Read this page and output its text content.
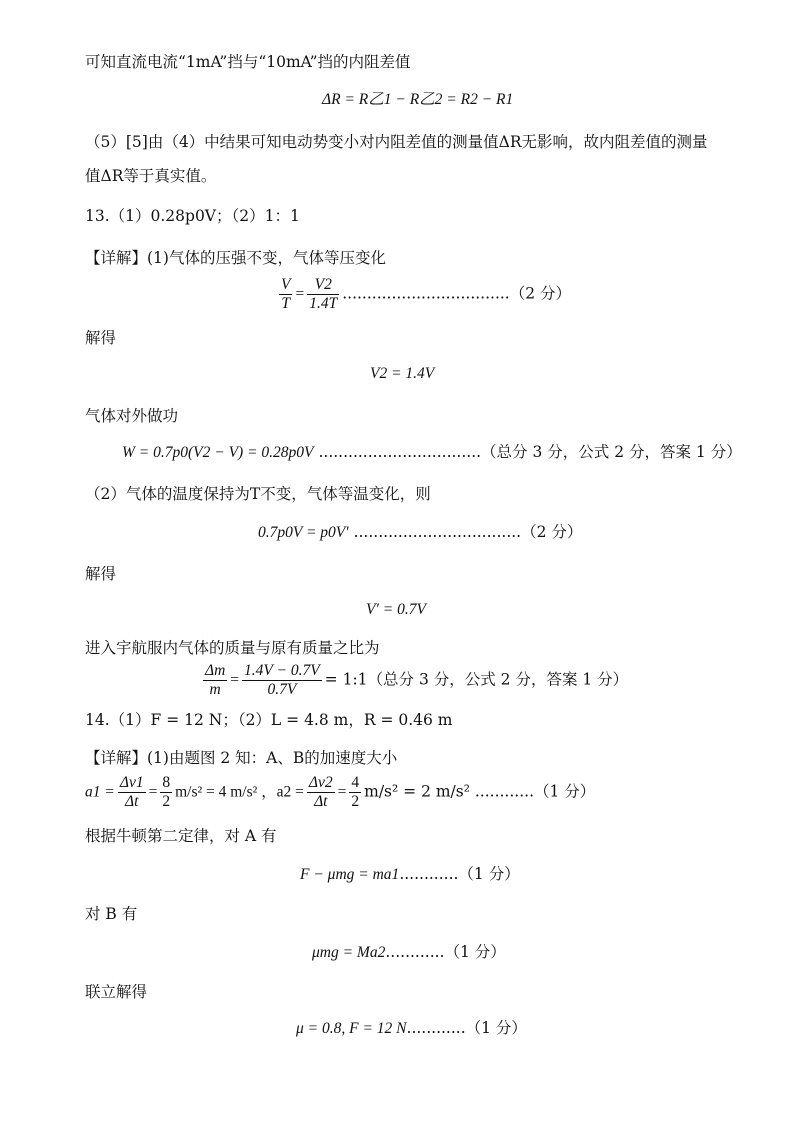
可知直流电流“1mA”挡与“10mA”挡的内阻差值
ΔR = R乙1 − R乙2 = R2 − R1
（5）[5]由（4）中结果可知电动势变小对内阻差值的测量值ΔR无影响，故内阻差值的测量
值ΔR等于真实值。
13.（1）0.28p0V；（2）1：1
【详解】(1)气体的压强不变，气体等压变化
$\frac{V}{T} = \frac{V2}{1.4T} ..................................(2$ 分）
解得
V2 = 1.4V
气体对外做功
W = 0.7p0(V2 − V) = 0.28p0V .................................（总分 3 分，公式 2 分，答案 1 分）
（2）气体的温度保持为T不变，气体等温变化，则
0.7p0V = p0V′ ..................................（2 分）
解得
V′ = 0.7V
进入宇航服内气体的质量与原有质量之比为
$\frac{\Delta m}{m} = \frac{1.4V - 0.7V}{0.7V}$ = 1:1（总分 3 分，公式 2 分，答案 1 分）
14.（1）F = 12 N；（2）L = 4.8 m，R = 0.46 m
【详解】(1)由题图 2 知：A、B的加速度大小
$a1 = \frac{\Delta v1}{\Delta t} = \frac{8}{2} m/s^2 = 4$ m/s² ，$a2 = \frac{\Delta v2}{\Delta t} = \frac{4}{2} m/s^2 = 2$ m/s² ............（1 分）
根据牛顿第二定律，对 A 有
F − μmg = ma1............（1 分）
对 B 有
μmg = Ma2............（1 分）
联立解得
μ = 0.8, F = 12 N............（1 分）
